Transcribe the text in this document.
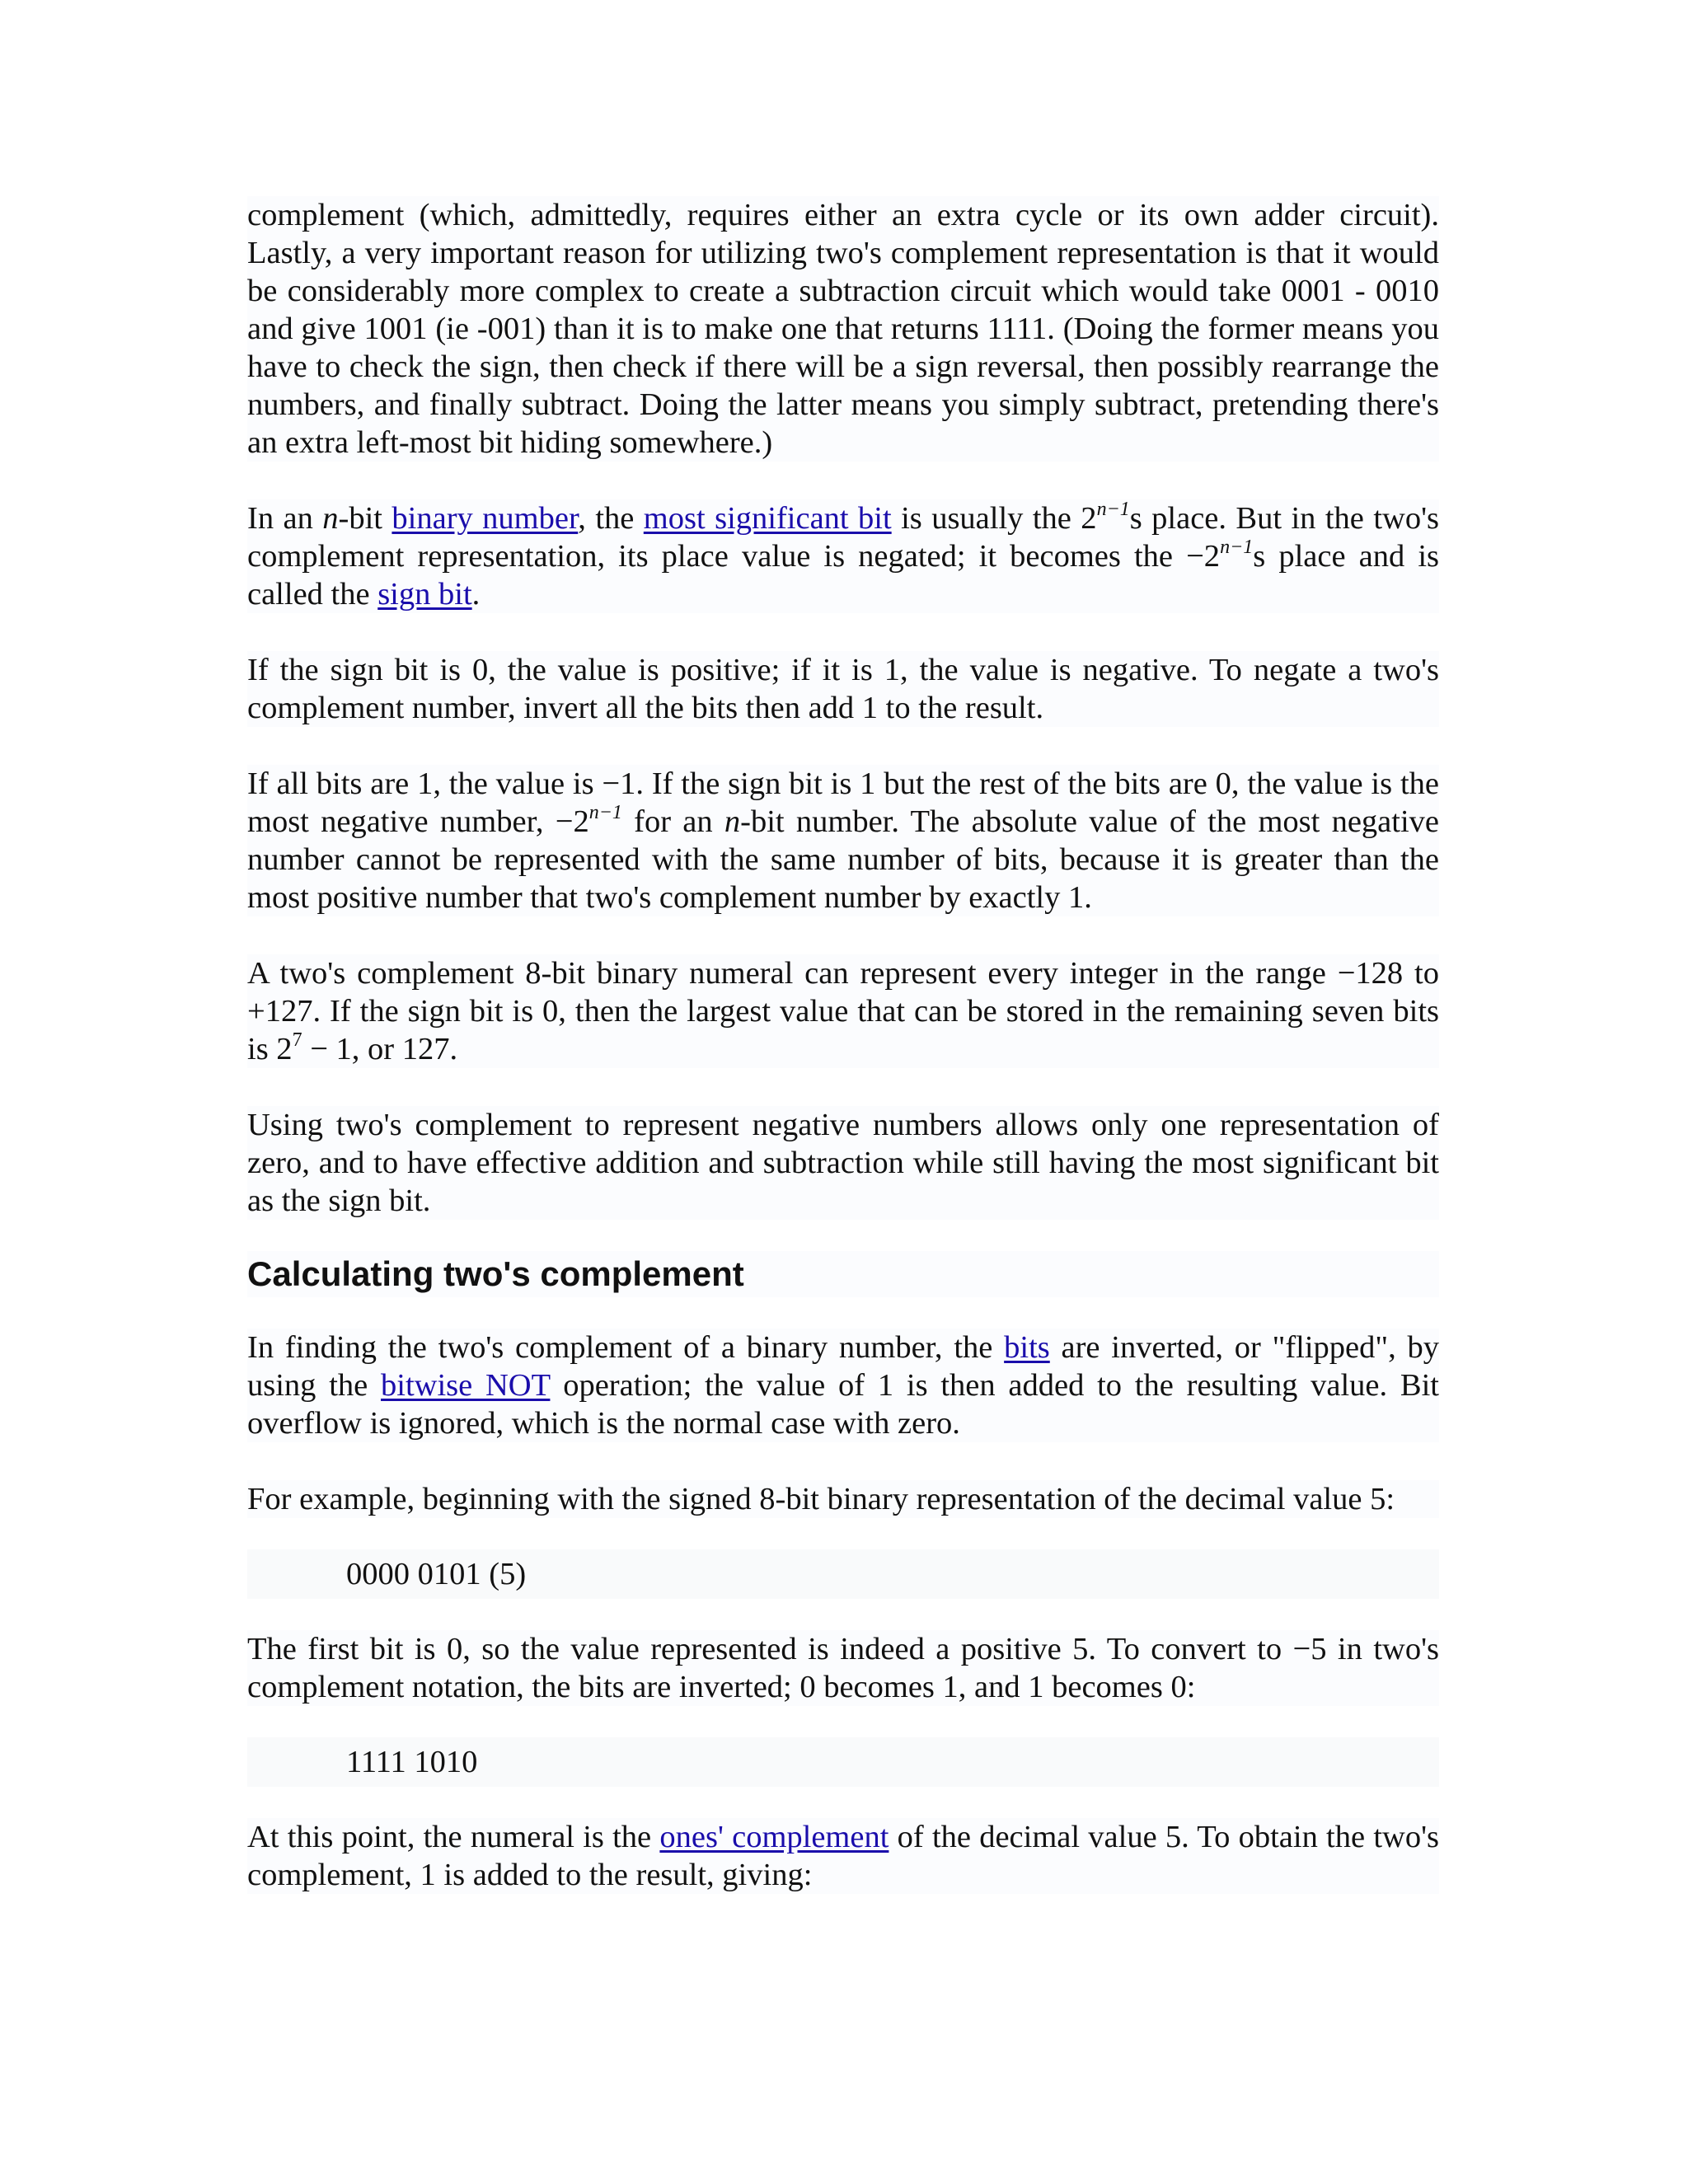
complement (which, admittedly, requires either an extra cycle or its own adder circuit). Lastly, a very important reason for utilizing two's complement representation is that it would be considerably more complex to create a subtraction circuit which would take 0001 - 0010 and give 1001 (ie -001) than it is to make one that returns 1111. (Doing the former means you have to check the sign, then check if there will be a sign reversal, then possibly rearrange the numbers, and finally subtract. Doing the latter means you simply subtract, pretending there's an extra left-most bit hiding somewhere.)

In an n-bit binary number, the most significant bit is usually the $2^{n-1}s$ place. But in the two's complement representation, its place value is negated; it becomes the $-2^{n-1}s$ place and is called the sign bit.

If the sign bit is 0, the value is positive; if it is 1, the value is negative. To negate a two's complement number, invert all the bits then add 1 to the result.

If all bits are 1, the value is −1. If the sign bit is 1 but the rest of the bits are 0, the value is the most negative number, $-2^{n-1}$ for an n-bit number. The absolute value of the most negative number cannot be represented with the same number of bits, because it is greater than the most positive number that two's complement number by exactly 1.

A two's complement 8-bit binary numeral can represent every integer in the range −128 to +127. If the sign bit is 0, then the largest value that can be stored in the remaining seven bits is $2^7 - 1$, or 127.

Using two's complement to represent negative numbers allows only one representation of zero, and to have effective addition and subtraction while still having the most significant bit as the sign bit.

Calculating two's complement

In finding the two's complement of a binary number, the bits are inverted, or "flipped", by using the bitwise NOT operation; the value of 1 is then added to the resulting value. Bit overflow is ignored, which is the normal case with zero.

For example, beginning with the signed 8-bit binary representation of the decimal value 5:

0000 0101 (5)

The first bit is 0, so the value represented is indeed a positive 5. To convert to −5 in two's complement notation, the bits are inverted; 0 becomes 1, and 1 becomes 0:

1111 1010

At this point, the numeral is the ones' complement of the decimal value 5. To obtain the two's complement, 1 is added to the result, giving:
